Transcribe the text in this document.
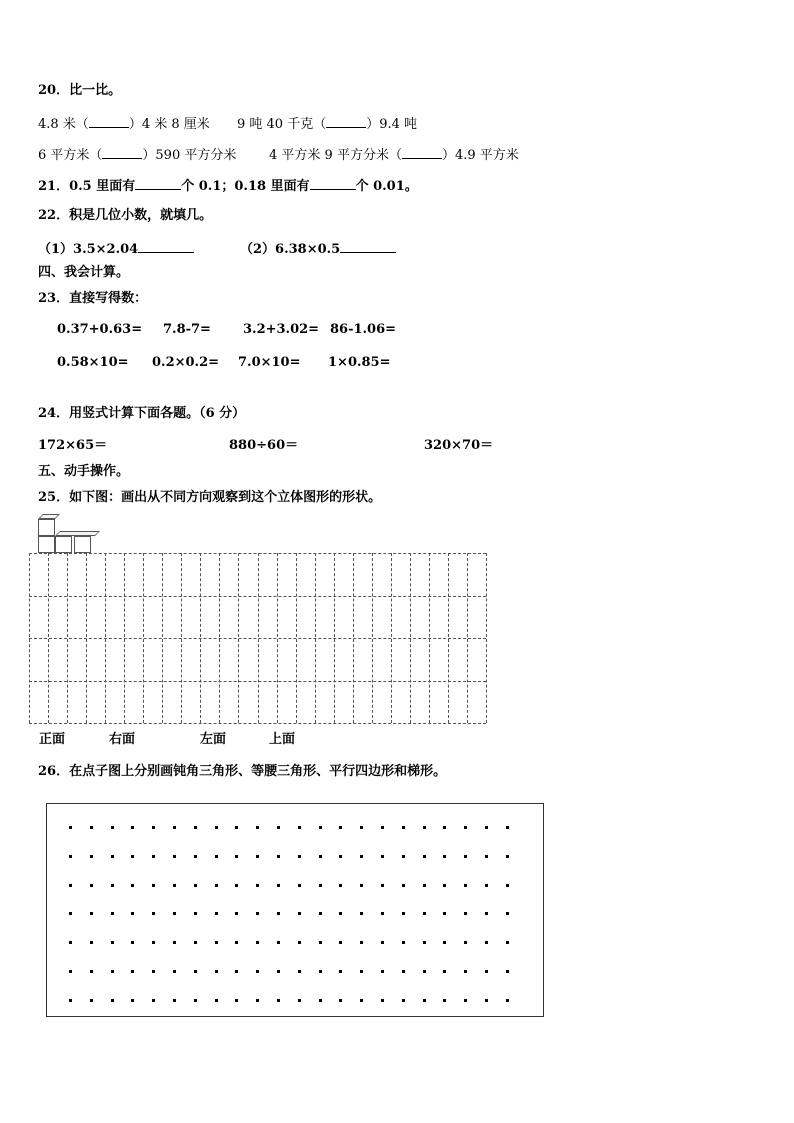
20．比一比。
4.8 米（	）4 米 8 厘米 9 吨 40 千克（	）9.4 吨
6 平方米（	）590 平方分米	4 平方米 9 平方分米（	）4.9 平方米
21．0.5 里面有	个 0.1；0.18 里面有	个 0.01。
22．积是几位小数，就填几。
（1）3.5×2.04	（2）6.38×0.5
四、我会计算。
23．直接写得数：
0.37+0.63= 7.8-7= 3.2+3.02= 86-1.06=
0.58×10= 0.2×0.2= 7.0×10= 1×0.85=
24．用竖式计算下面各题。（6 分）
172×65＝	880÷60＝	320×70＝
五、动手操作。
25．如下图：画出从不同方向观察到这个立体图形的形状。
正面	右面	左面	上面
26．在点子图上分别画钝角三角形、等腰三角形、平行四边形和梯形。
